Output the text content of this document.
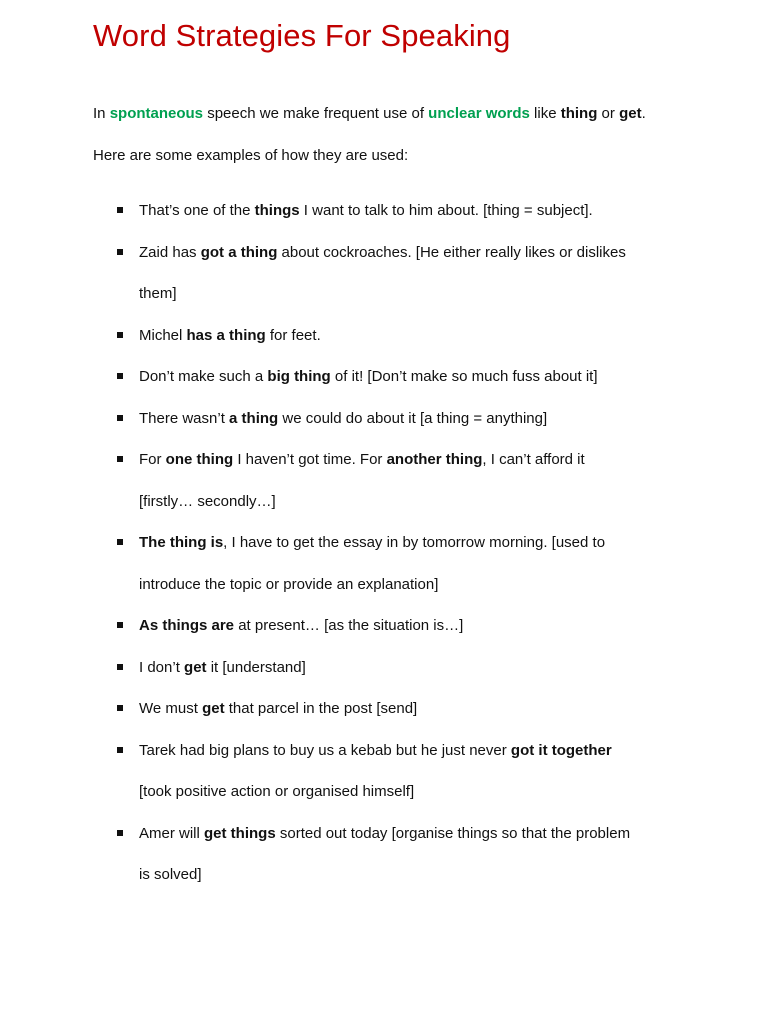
Word Strategies For Speaking

In spontaneous speech we make frequent use of unclear words like thing or get.

Here are some examples of how they are used:

That’s one of the things I want to talk to him about. [thing = subject].
Zaid has got a thing about cockroaches. [He either really likes or dislikes
them]
Michel has a thing for feet.
Don’t make such a big thing of it! [Don’t make so much fuss about it]
There wasn’t a thing we could do about it [a thing = anything]
For one thing I haven’t got time. For another thing, I can’t afford it
[firstly… secondly…]
The thing is, I have to get the essay in by tomorrow morning. [used to
introduce the topic or provide an explanation]
As things are at present… [as the situation is…]
I don’t get it [understand]
We must get that parcel in the post [send]
Tarek had big plans to buy us a kebab but he just never got it together
[took positive action or organised himself]
Amer will get things sorted out today [organise things so that the problem
is solved]
